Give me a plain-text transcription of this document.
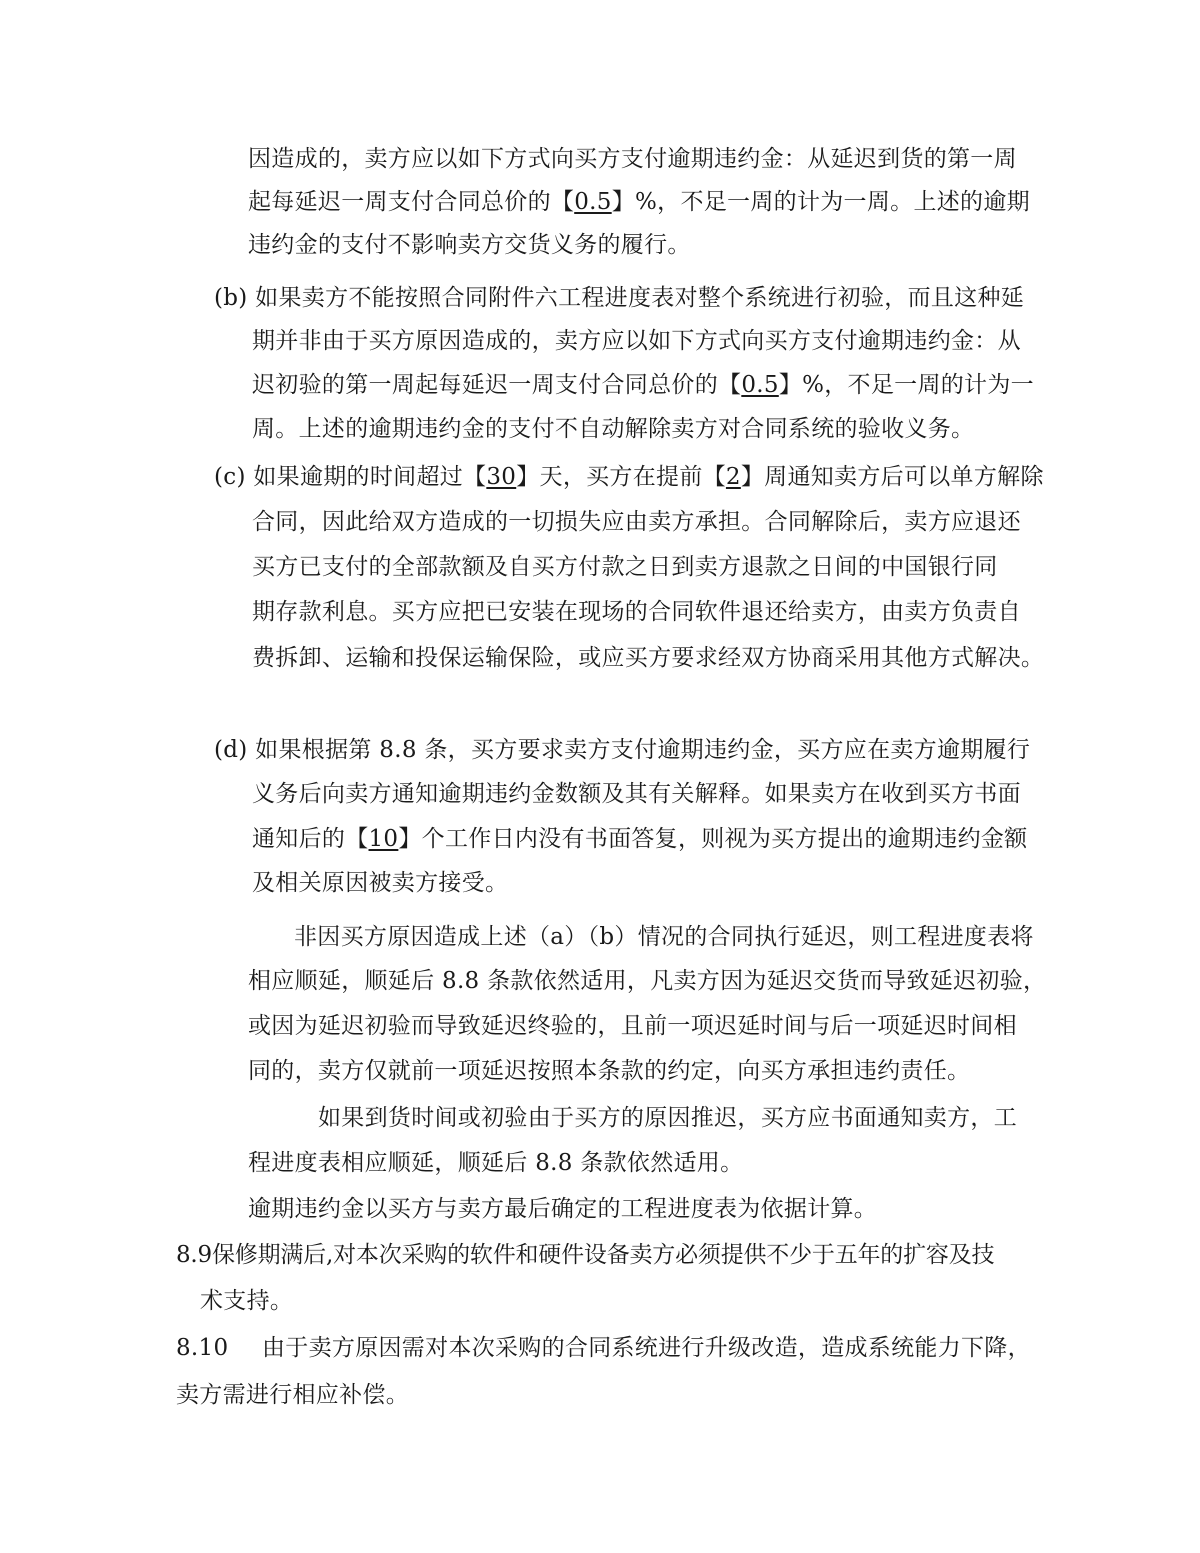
因造成的，卖方应以如下方式向买方支付逾期违约金：从延迟到货的第一周
起每延迟一周支付合同总价的【0.5】%，不足一周的计为一周。上述的逾期
违约金的支付不影响卖方交货义务的履行。
(b) 如果卖方不能按照合同附件六工程进度表对整个系统进行初验，而且这种延
期并非由于买方原因造成的，卖方应以如下方式向买方支付逾期违约金：从
迟初验的第一周起每延迟一周支付合同总价的【0.5】%，不足一周的计为一
周。上述的逾期违约金的支付不自动解除卖方对合同系统的验收义务。
(c) 如果逾期的时间超过【30】天，买方在提前【2】周通知卖方后可以单方解除
合同，因此给双方造成的一切损失应由卖方承担。合同解除后，卖方应退还
买方已支付的全部款额及自买方付款之日到卖方退款之日间的中国银行同
期存款利息。买方应把已安装在现场的合同软件退还给卖方，由卖方负责自
费拆卸、运输和投保运输保险，或应买方要求经双方协商采用其他方式解决。
(d) 如果根据第 8.8 条，买方要求卖方支付逾期违约金，买方应在卖方逾期履行
义务后向卖方通知逾期违约金数额及其有关解释。如果卖方在收到买方书面
通知后的【10】个工作日内没有书面答复，则视为买方提出的逾期违约金额
及相关原因被卖方接受。
非因买方原因造成上述（a）（b）情况的合同执行延迟，则工程进度表将
相应顺延，顺延后 8.8 条款依然适用，凡卖方因为延迟交货而导致延迟初验，
或因为延迟初验而导致延迟终验的，且前一项迟延时间与后一项延迟时间相
同的，卖方仅就前一项延迟按照本条款的约定，向买方承担违约责任。
如果到货时间或初验由于买方的原因推迟，买方应书面通知卖方，工
程进度表相应顺延，顺延后 8.8 条款依然适用。
逾期违约金以买方与卖方最后确定的工程进度表为依据计算。
8.9保修期满后,对本次采购的软件和硬件设备卖方必须提供不少于五年的扩容及技
术支持。
8.10 由于卖方原因需对本次采购的合同系统进行升级改造，造成系统能力下降，
卖方需进行相应补偿。
